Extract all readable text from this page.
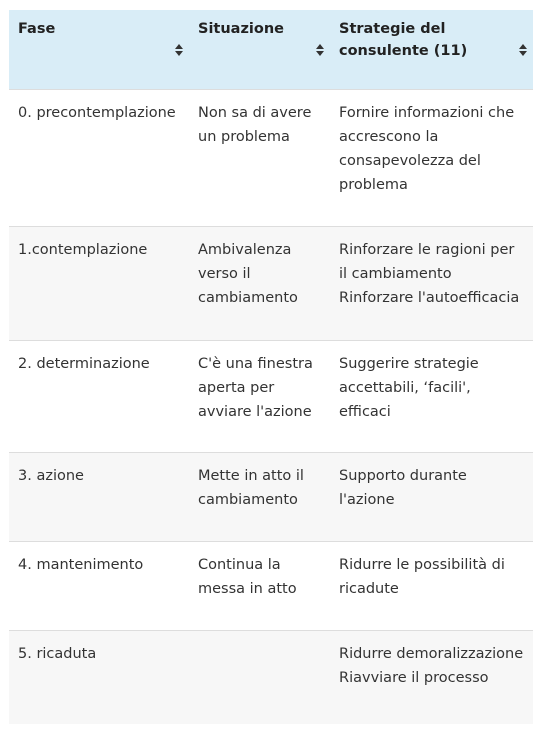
Fase	Situazione	Strategie del consulente (11)

0. precontemplazione	Non sa di avere un problema	Fornire informazioni che accrescono la consapevolezza del problema

1.contemplazione	Ambivalenza verso il cambiamento	Rinforzare le ragioni per il cambiamento
Rinforzare l'autoefficacia

2. determinazione	C'è una finestra aperta per avviare l'azione	Suggerire strategie accettabili, ‘facili', efficaci

3. azione	Mette in atto il cambiamento	Supporto durante l'azione

4. mantenimento	Continua la messa in atto	Ridurre le possibilità di ricadute

5. ricaduta		Ridurre demoralizzazione
Riavviare il processo
